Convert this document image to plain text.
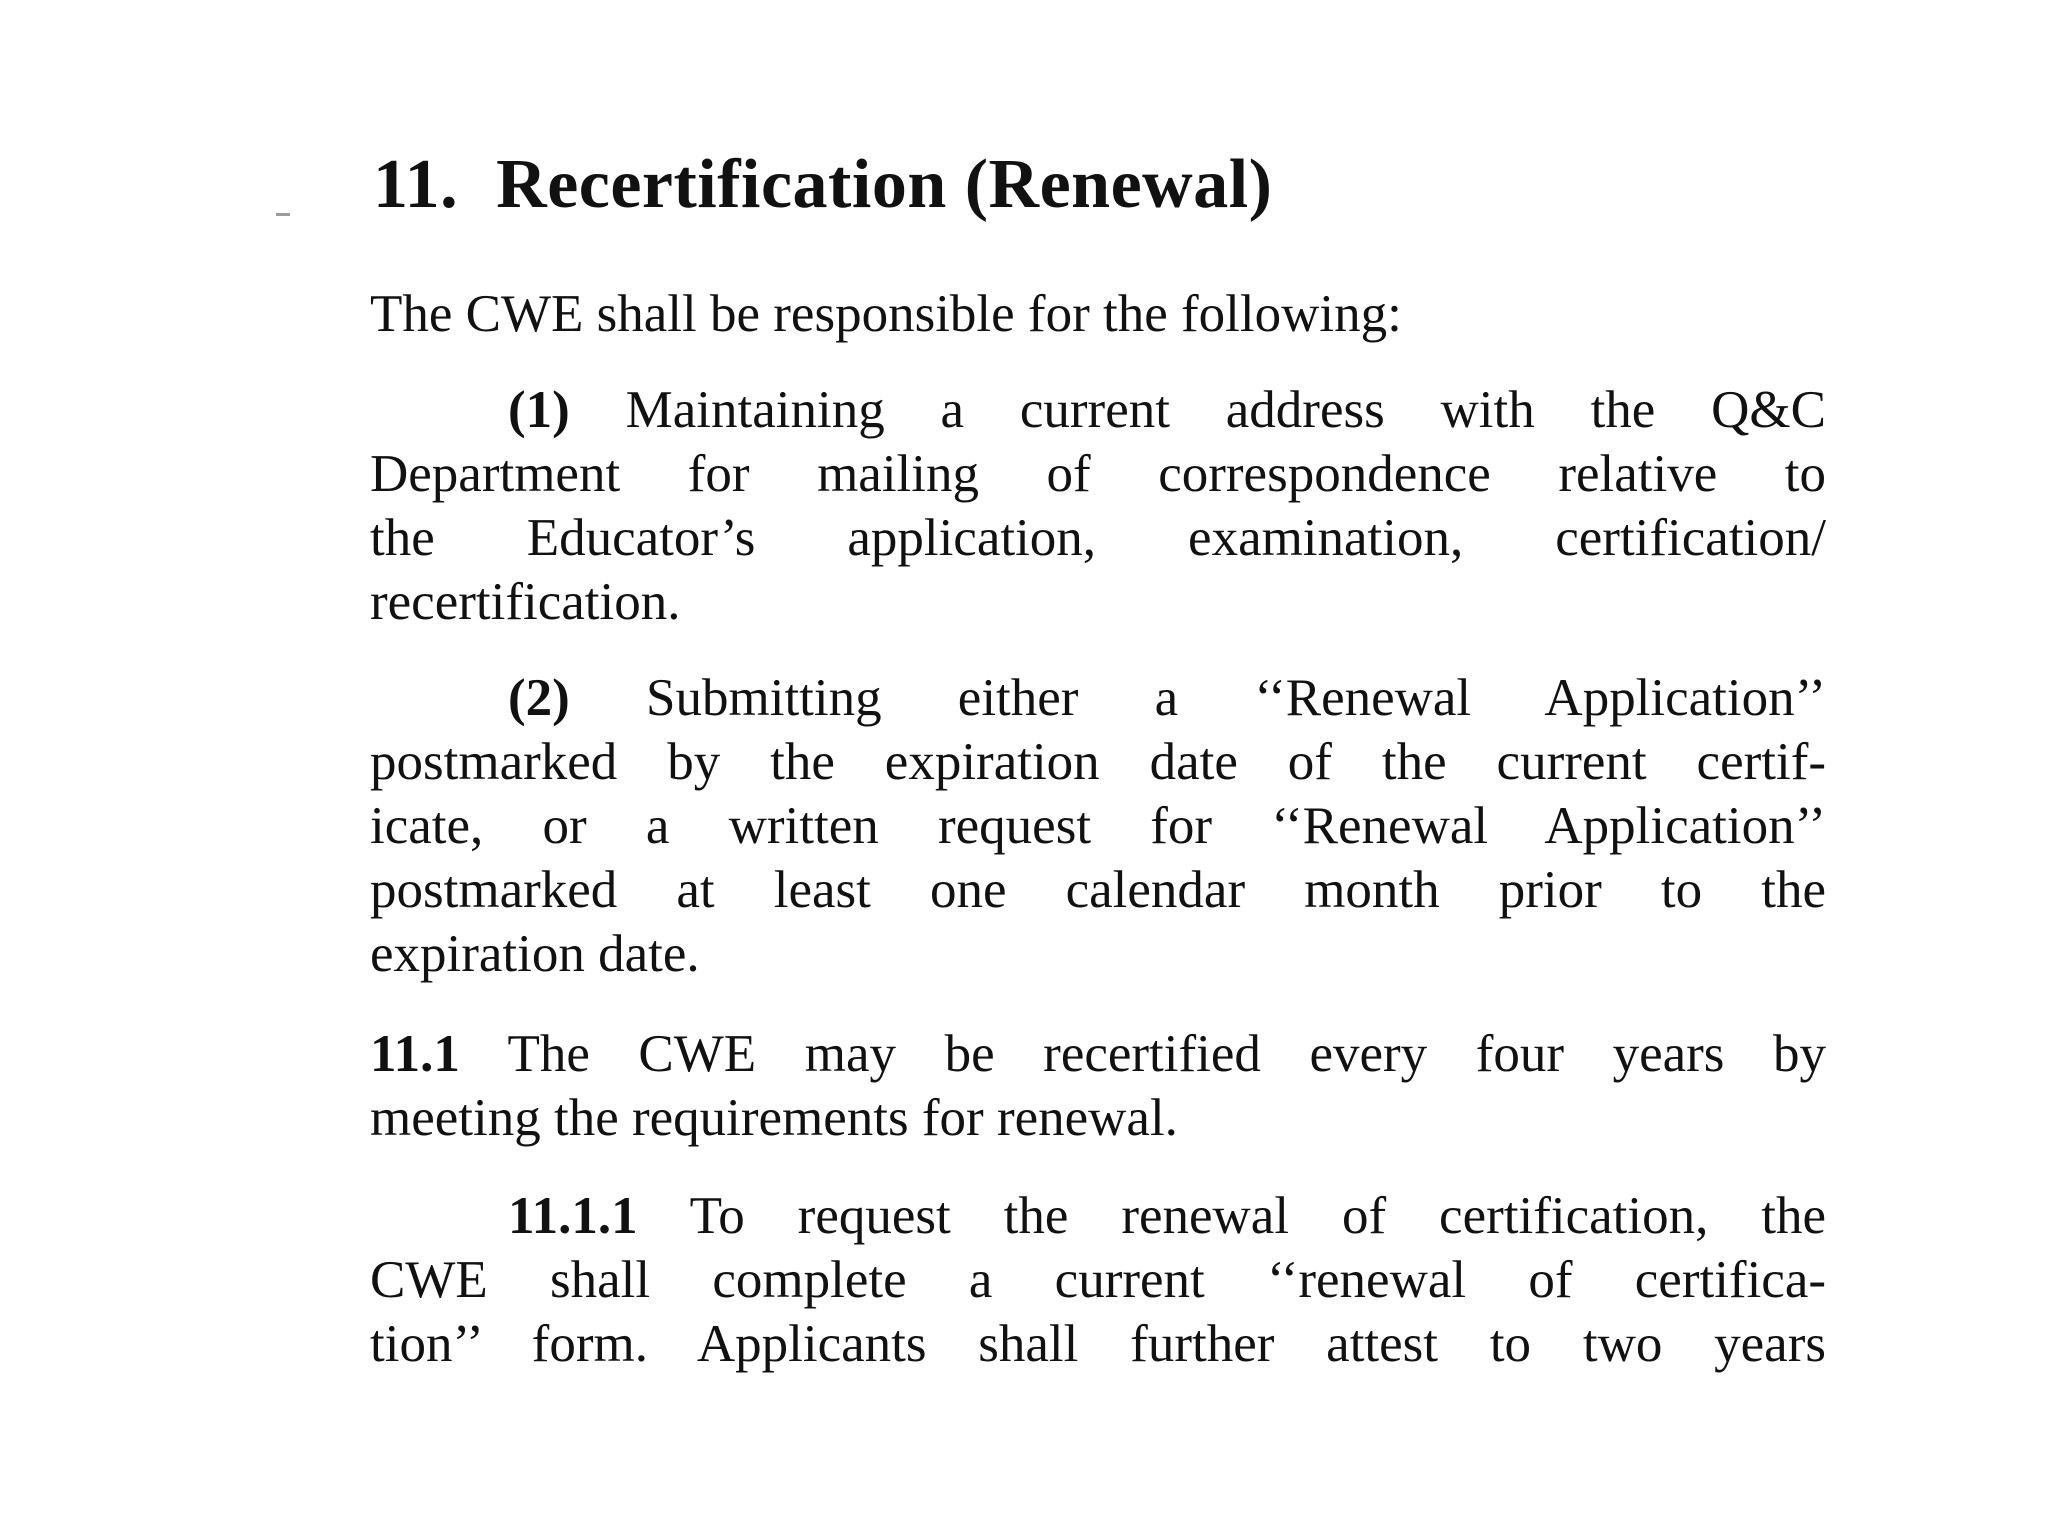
11. Recertification (Renewal)

The CWE shall be responsible for the following:

(1) Maintaining a current address with the Q&C

Department for mailing of correspondence relative to

the Educator’s application, examination, certification/

recertification.

(2) Submitting either a ‘‘Renewal Application’’

postmarked by the expiration date of the current certif-

icate, or a written request for ‘‘Renewal Application’’

postmarked at least one calendar month prior to the

expiration date.

11.1 The CWE may be recertified every four years by

meeting the requirements for renewal.

11.1.1 To request the renewal of certification, the

CWE shall complete a current ‘‘renewal of certifica-

tion’’ form. Applicants shall further attest to two years
